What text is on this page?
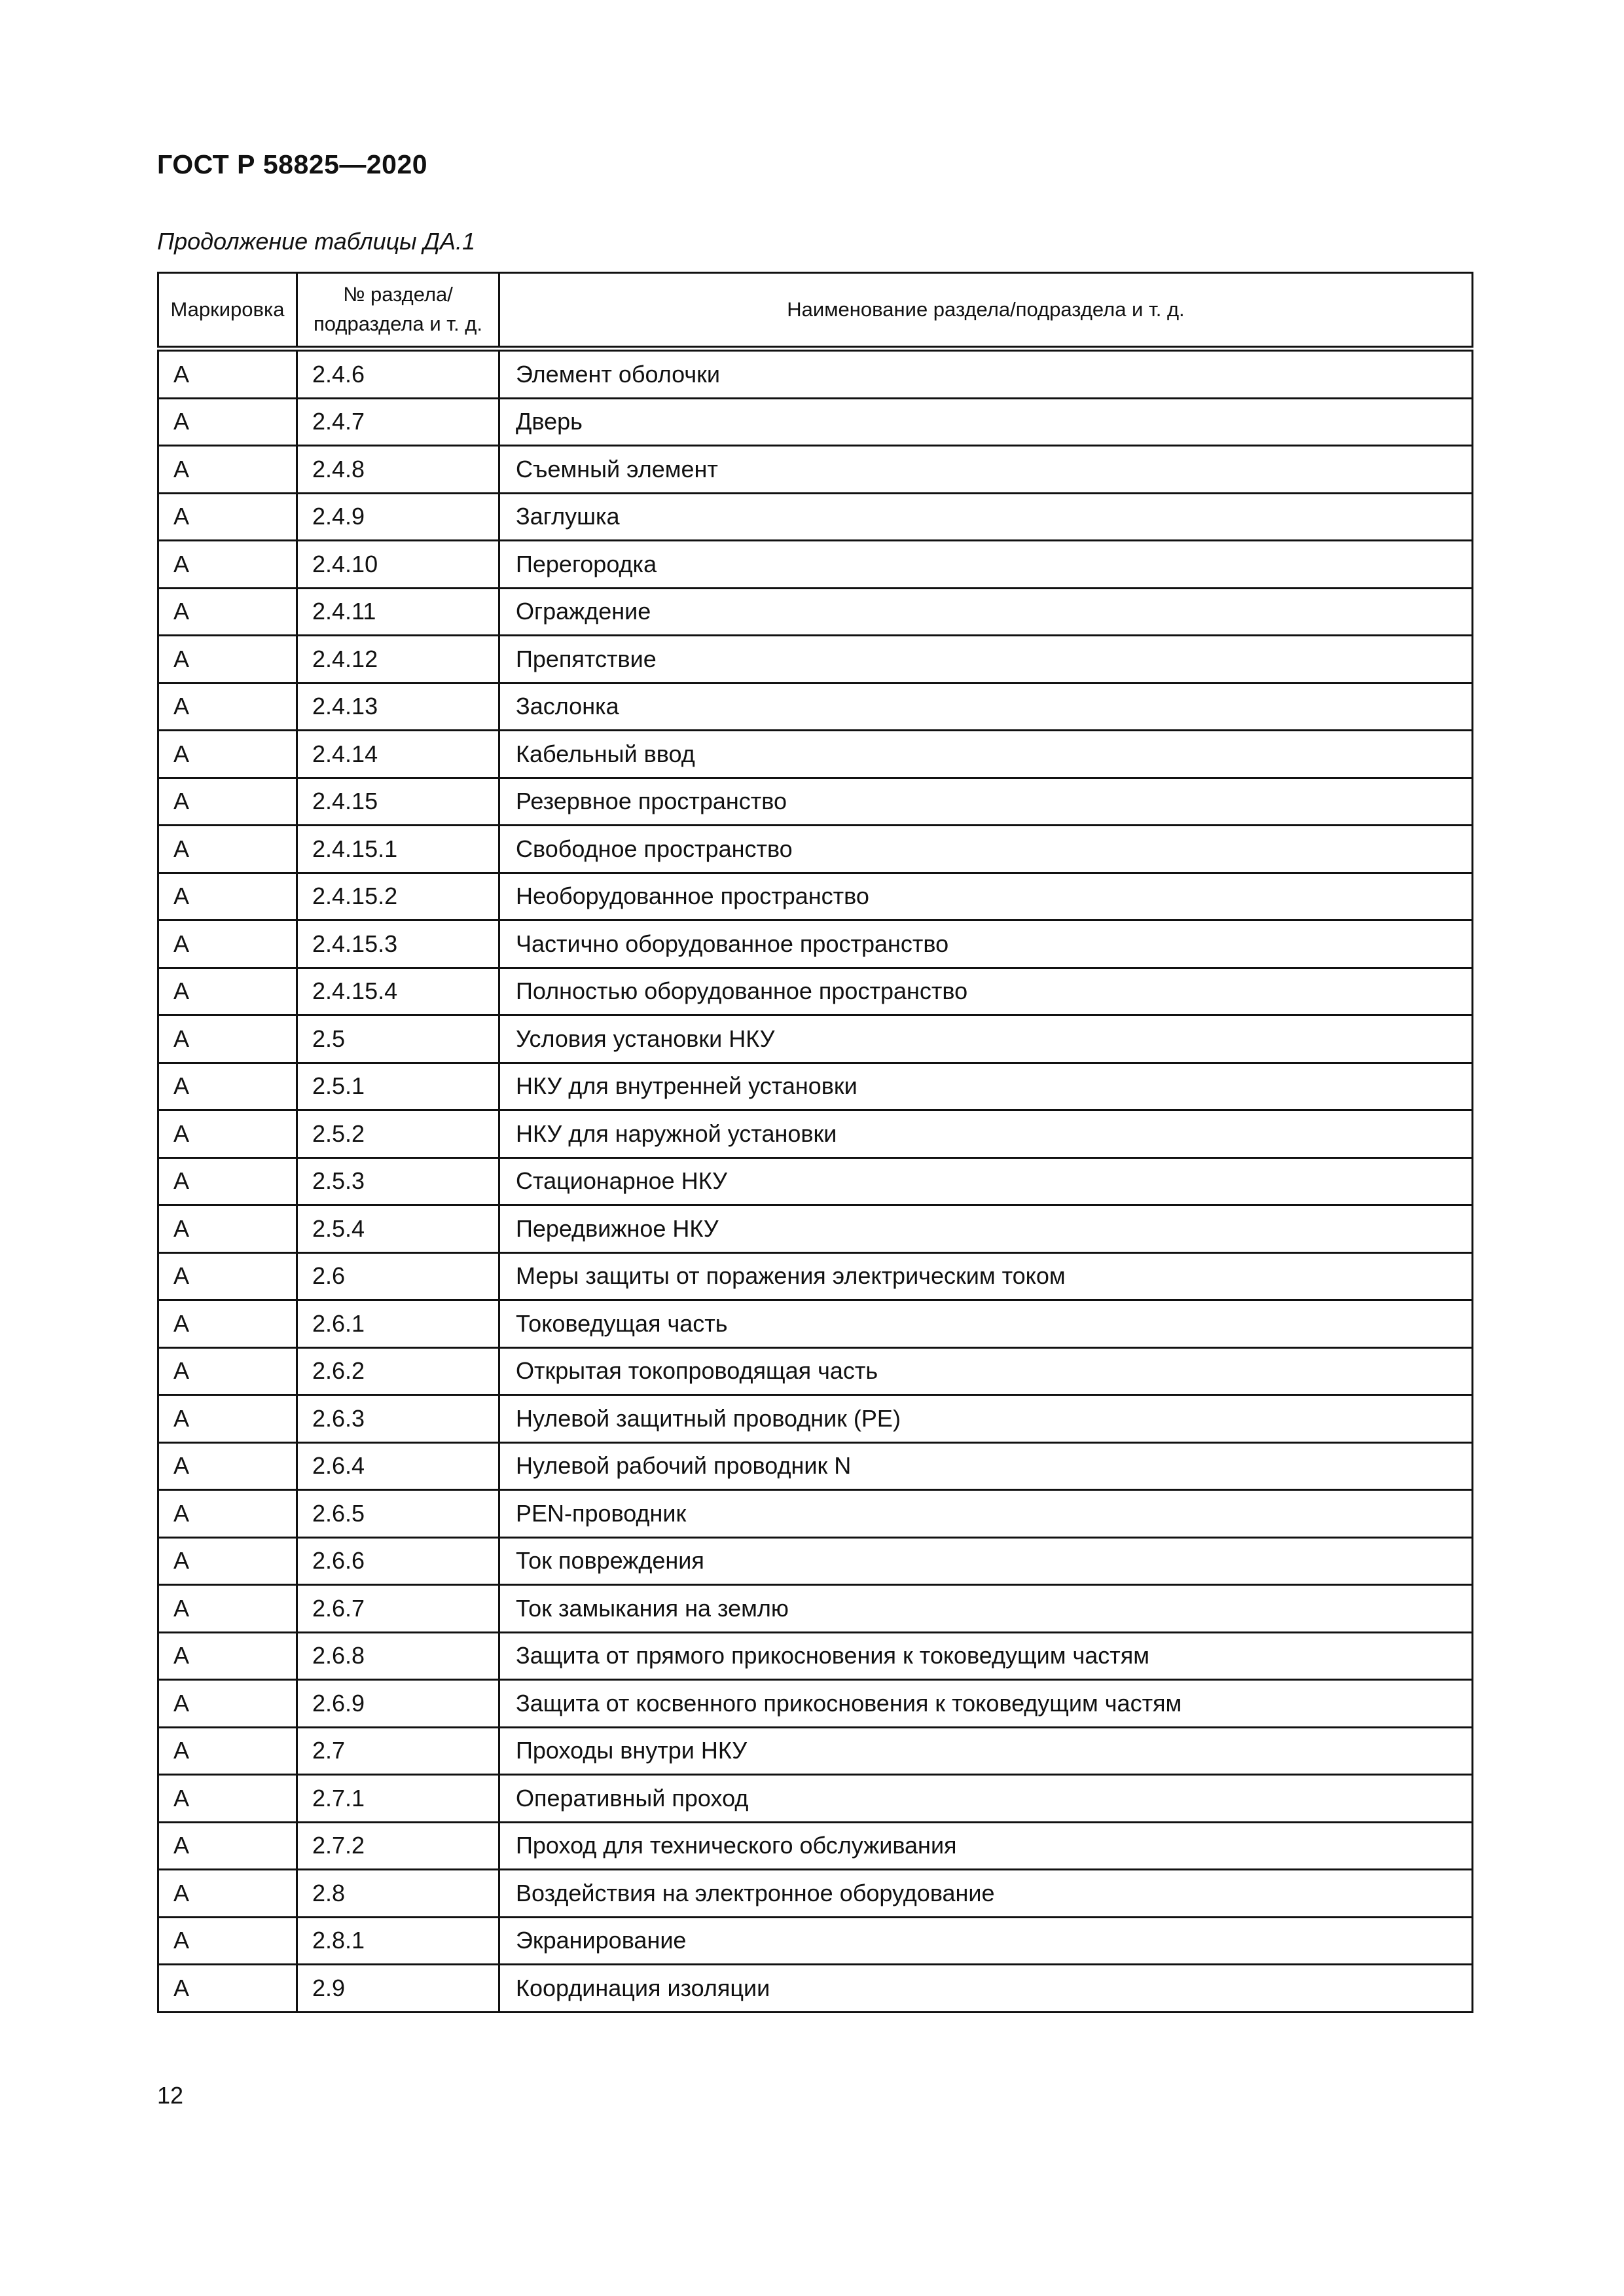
ГОСТ Р 58825—2020
Продолжение таблицы ДА.1
Маркировка	№ раздела/ подраздела и т. д.	Наименование раздела/подраздела и т. д.
А	2.4.6	Элемент оболочки
А	2.4.7	Дверь
А	2.4.8	Съемный элемент
А	2.4.9	Заглушка
А	2.4.10	Перегородка
А	2.4.11	Ограждение
А	2.4.12	Препятствие
А	2.4.13	Заслонка
А	2.4.14	Кабельный ввод
А	2.4.15	Резервное пространство
А	2.4.15.1	Свободное пространство
А	2.4.15.2	Необорудованное пространство
А	2.4.15.3	Частично оборудованное пространство
А	2.4.15.4	Полностью оборудованное пространство
А	2.5	Условия установки НКУ
А	2.5.1	НКУ для внутренней установки
А	2.5.2	НКУ для наружной установки
А	2.5.3	Стационарное НКУ
А	2.5.4	Передвижное НКУ
А	2.6	Меры защиты от поражения электрическим током
А	2.6.1	Токоведущая часть
А	2.6.2	Открытая токопроводящая часть
А	2.6.3	Нулевой защитный проводник (РЕ)
А	2.6.4	Нулевой рабочий проводник N
А	2.6.5	РЕN-проводник
А	2.6.6	Ток повреждения
А	2.6.7	Ток замыкания на землю
А	2.6.8	Защита от прямого прикосновения к токоведущим частям
А	2.6.9	Защита от косвенного прикосновения к токоведущим частям
А	2.7	Проходы внутри НКУ
А	2.7.1	Оперативный проход
А	2.7.2	Проход для технического обслуживания
А	2.8	Воздействия на электронное оборудование
А	2.8.1	Экранирование
А	2.9	Координация изоляции
12
